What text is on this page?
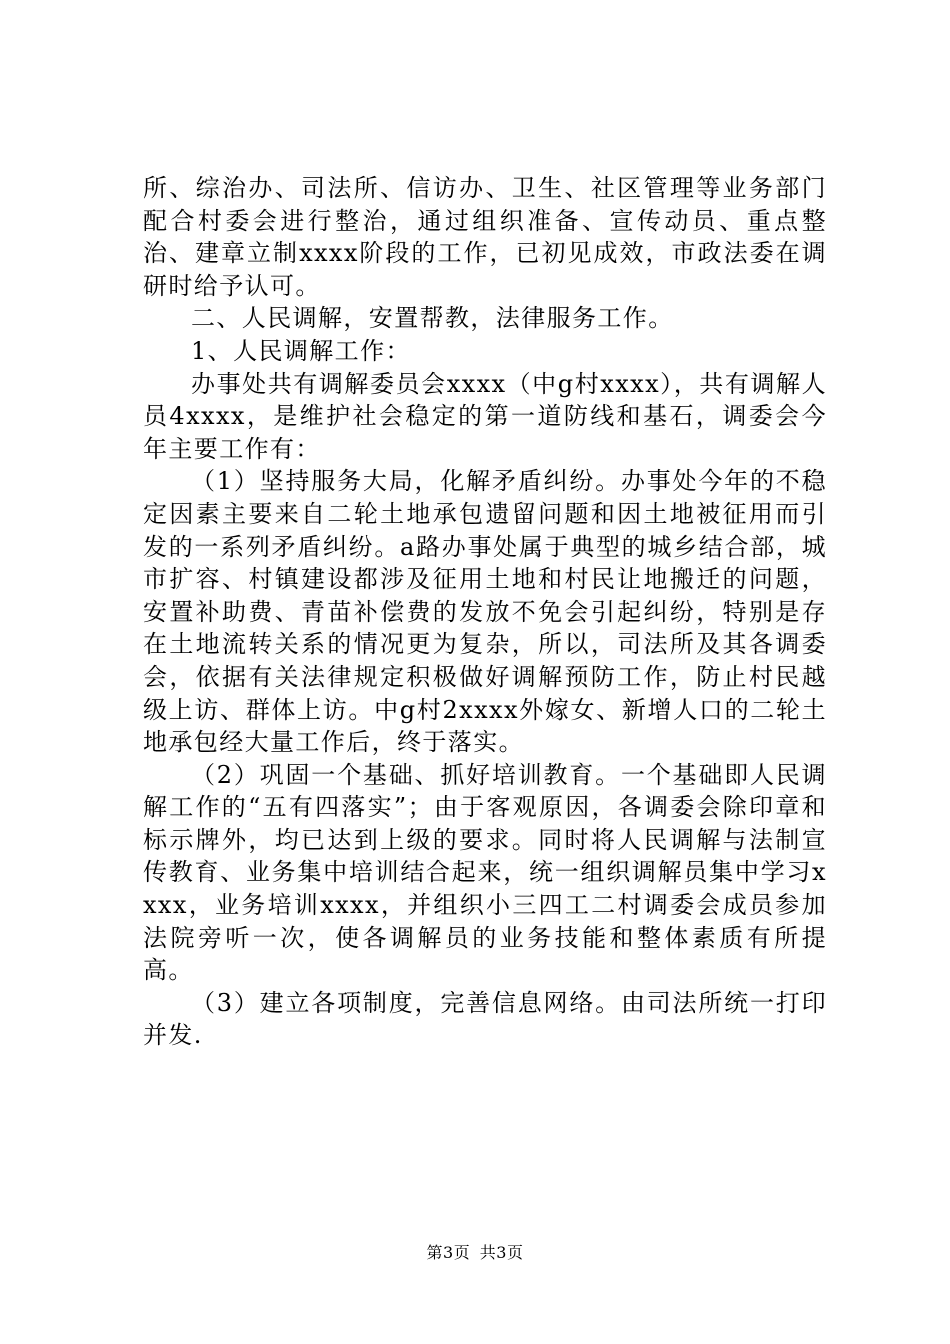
所、综治办、司法所、信访办、卫生、社区管理等业务部门配合村委会进行整治，通过组织准备、宣传动员、重点整治、建章立制xxxx阶段的工作，已初见成效，市政法委在调研时给予认可。

二、人民调解，安置帮教，法律服务工作。

1、人民调解工作：

办事处共有调解委员会xxxx（中g村xxxx），共有调解人员4xxxx，是维护社会稳定的第一道防线和基石，调委会今年主要工作有：

（1）坚持服务大局，化解矛盾纠纷。办事处今年的不稳定因素主要来自二轮土地承包遗留问题和因土地被征用而引发的一系列矛盾纠纷。a路办事处属于典型的城乡结合部，城市扩容、村镇建设都涉及征用土地和村民让地搬迁的问题，安置补助费、青苗补偿费的发放不免会引起纠纷，特别是存在土地流转关系的情况更为复杂，所以，司法所及其各调委会，依据有关法律规定积极做好调解预防工作，防止村民越级上访、群体上访。中g村2xxxx外嫁女、新增人口的二轮土地承包经大量工作后，终于落实。

（2）巩固一个基础、抓好培训教育。一个基础即人民调解工作的“五有四落实”；由于客观原因，各调委会除印章和标示牌外，均已达到上级的要求。同时将人民调解与法制宣传教育、业务集中培训结合起来，统一组织调解员集中学习xxxx，业务培训xxxx，并组织小三四工二村调委会成员参加法院旁听一次，使各调解员的业务技能和整体素质有所提高。

（3）建立各项制度，完善信息网络。由司法所统一打印并发.

第3页 共3页
